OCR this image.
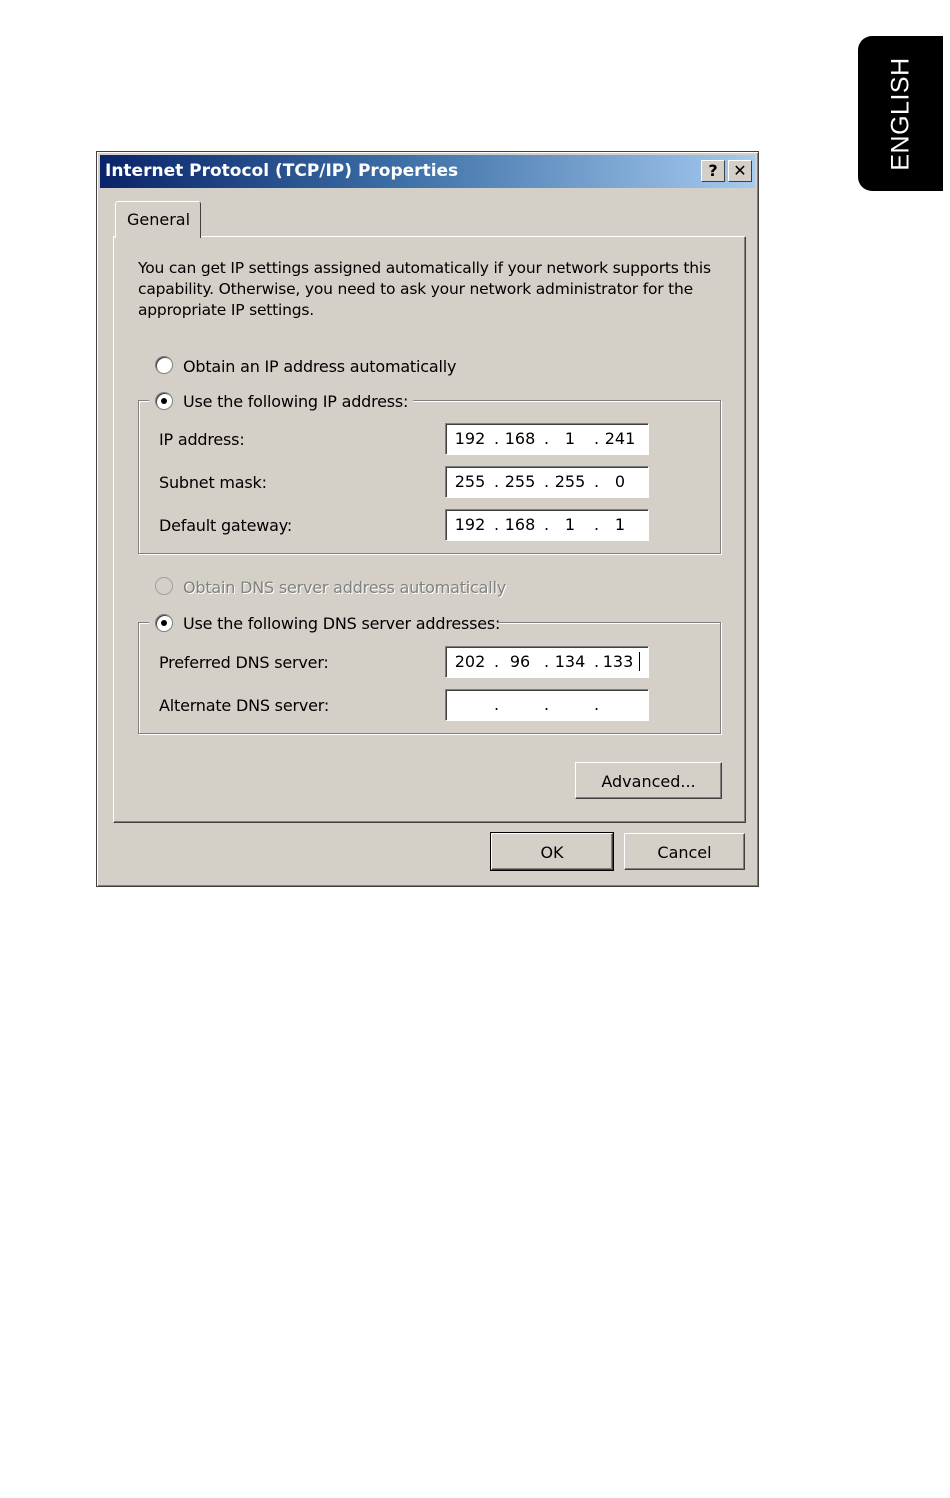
ENGLISH
Internet Protocol (TCP/IP) Properties	? ✕
General
You can get IP settings assigned automatically if your network supports this capability. Otherwise, you need to ask your network administrator for the appropriate IP settings.
Obtain an IP address automatically
Use the following IP address:
IP address:	192 . 168 . 1	. 241
Subnet mask:	255 . 255 . 255 . 0
Default gateway:	192 . 168 . 1	. 1
Obtain DNS server address automatically
Use the following DNS server addresses:
Preferred DNS server:	202 . 96 . 134 . 133
Alternate DNS server:	.	.	.
Advanced...
OK	Cancel
